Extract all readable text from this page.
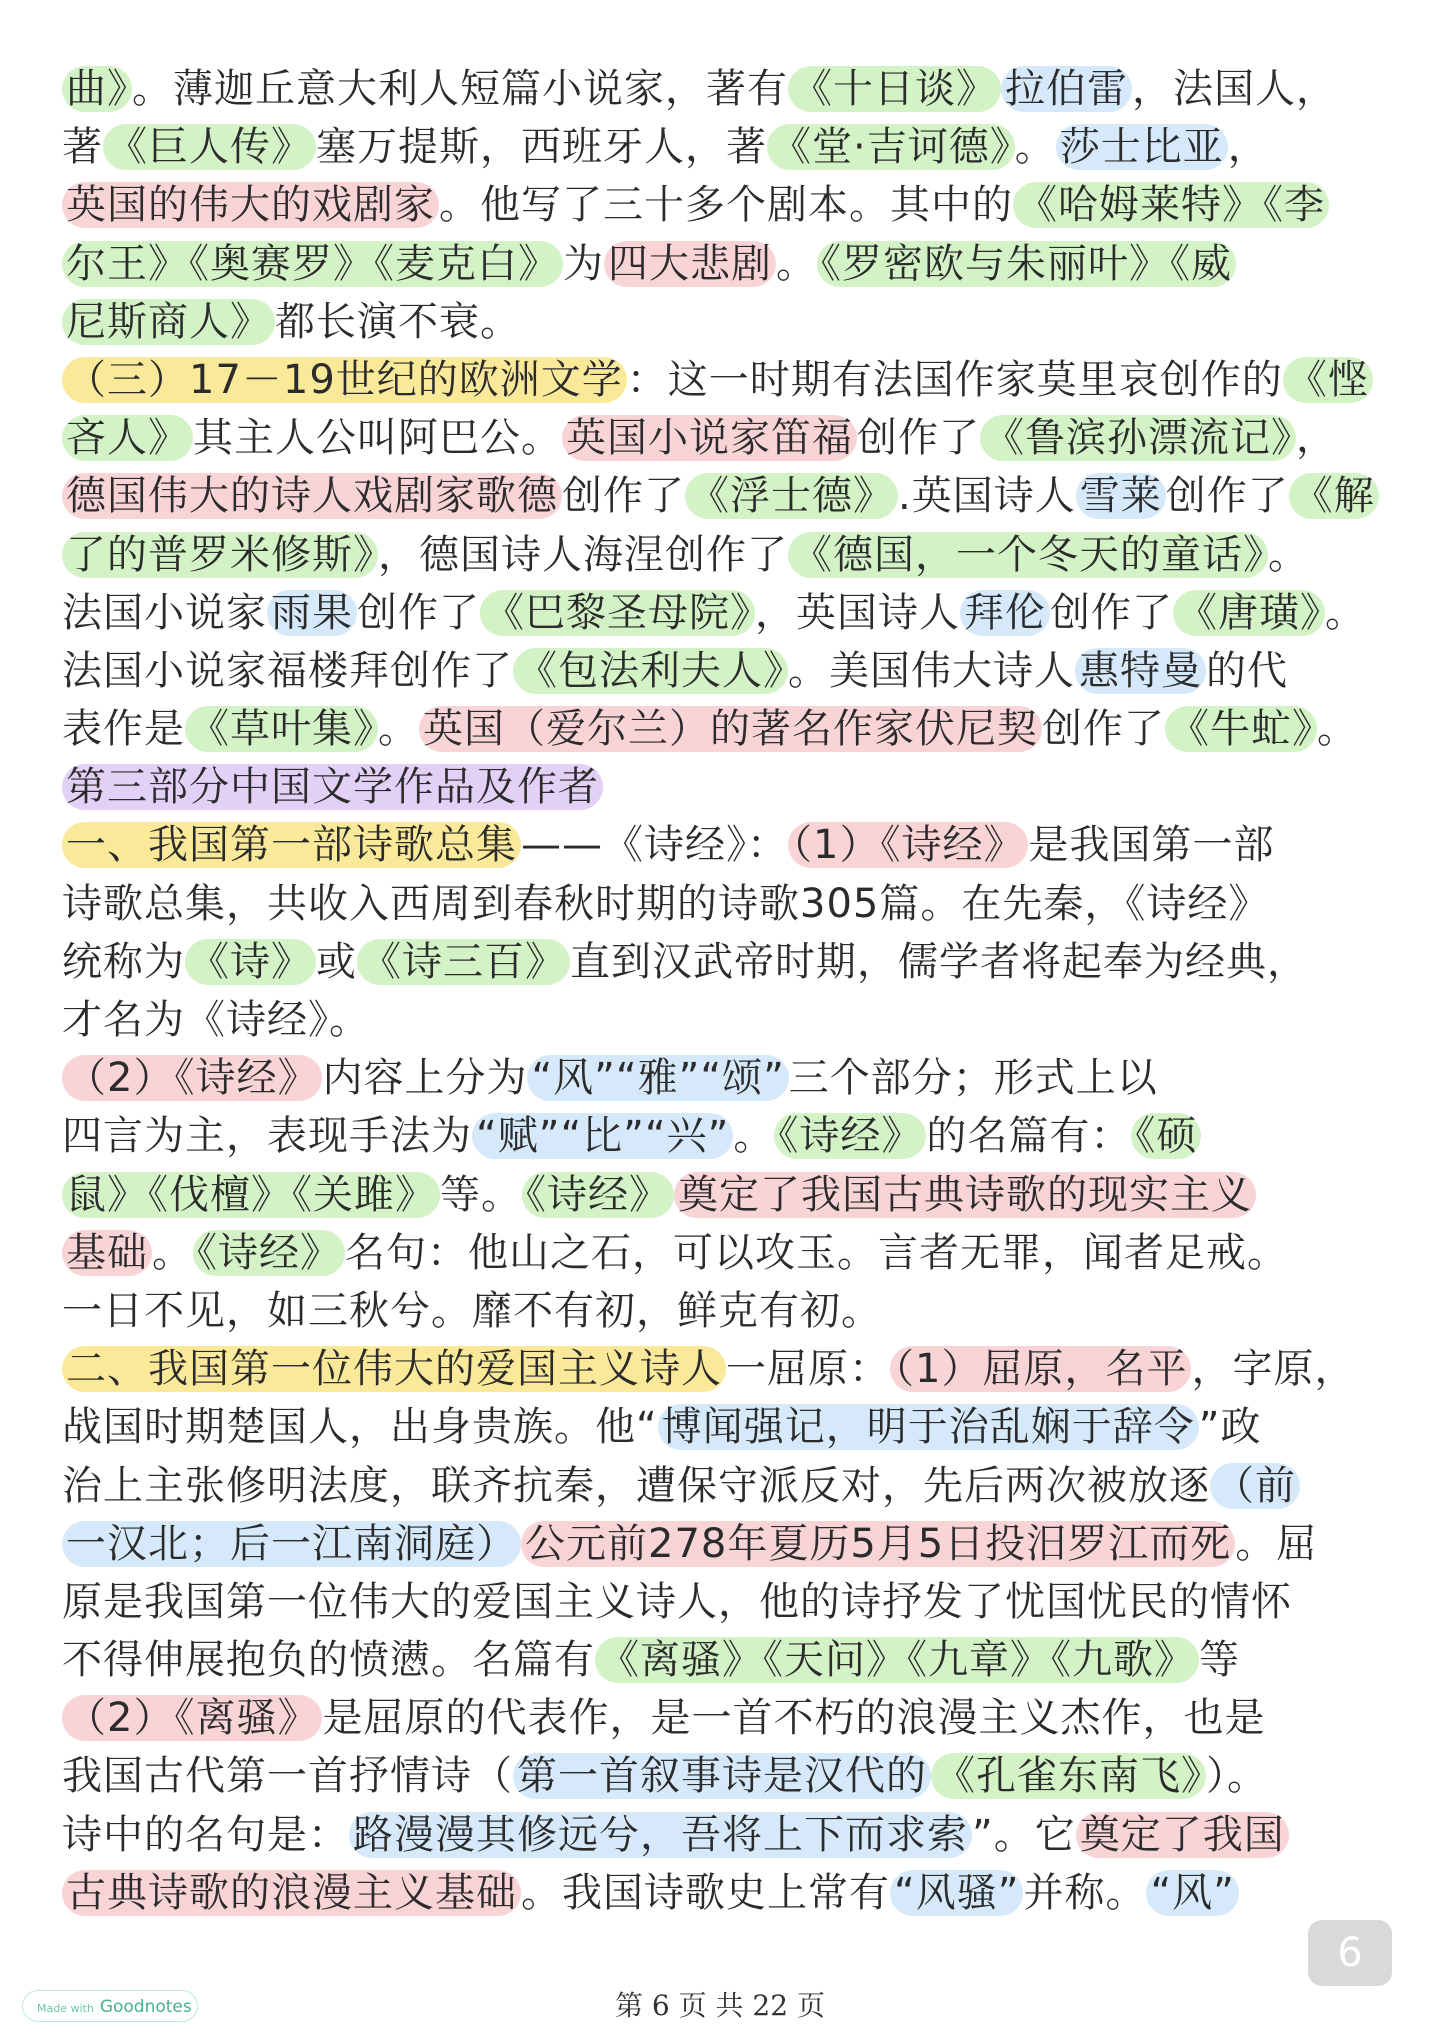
曲》 。薄迦丘意大利人短篇小说家，著有 《十日谈》 拉伯雷 ，法国人，
著 《巨人传》 塞万提斯，西班牙人，著 《堂·吉诃德》 。 莎士比亚 ，
英国的伟大的戏剧家 。他写了三十多个剧本。其中的 《哈姆莱特》《李
尔王》《奥赛罗》《麦克白》 为 四大悲剧 。 《罗密欧与朱丽叶》《威
尼斯商人》 都长演不衰。
（三）17－19世纪的欧洲文学 ：这一时期有法国作家莫里哀创作的 《悭
吝人》 其主人公叫阿巴公。 英国小说家笛福 创作了 《鲁滨孙漂流记》 ，
德国伟大的诗人戏剧家歌德 创作了 《浮士德》 .英国诗人 雪莱 创作了 《解
了的普罗米修斯》 ，德国诗人海涅创作了 《德国，一个冬天的童话》 。
法国小说家 雨果 创作了 《巴黎圣母院》 ，英国诗人 拜伦 创作了 《唐璜》 。
法国小说家福楼拜创作了 《包法利夫人》 。美国伟大诗人 惠特曼 的代
表作是 《草叶集》 。 英国（爱尔兰）的著名作家伏尼契 创作了 《牛虻》 。
第三部分中国文学作品及作者
一、我国第一部诗歌总集 ——《诗经》： （1）《诗经》 是我国第一部
诗歌总集，共收入西周到春秋时期的诗歌305篇。在先秦，《诗经》
统称为 《诗》 或 《诗三百》 直到汉武帝时期，儒学者将起奉为经典，
才名为《诗经》。
（2）《诗经》 内容上分为 “风”“雅”“颂” 三个部分；形式上以
四言为主，表现手法为 “赋”“比”“兴” 。 《诗经》 的名篇有： 《硕
鼠》《伐檀》《关雎》 等。 《诗经》 奠定了我国古典诗歌的现实主义
基础 。 《诗经》 名句：他山之石，可以攻玉。言者无罪，闻者足戒。
一日不见，如三秋兮。靡不有初，鲜克有初。
二、我国第一位伟大的爱国主义诗人 一屈原： （1）屈原，名平 ，字原，
战国时期楚国人，出身贵族。他“ 博闻强记，明于治乱娴于辞令 ”政
治上主张修明法度，联齐抗秦，遭保守派反对，先后两次被放逐 （前
一汉北；后一江南洞庭） 公元前278年夏历5月5日投汨罗江而死 。屈
原是我国第一位伟大的爱国主义诗人，他的诗抒发了忧国忧民的情怀
不得伸展抱负的愤懑。名篇有 《离骚》《天问》《九章》《九歌》 等
（2）《离骚》 是屈原的代表作，是一首不朽的浪漫主义杰作，也是
我国古代第一首抒情诗（ 第一首叙事诗是汉代的 《孔雀东南飞》 ）。
诗中的名句是： 路漫漫其修远兮，吾将上下而求索 ”。它 奠定了我国
古典诗歌的浪漫主义基础 。我国诗歌史上常有 “风骚” 并称。 “风”
6
第 6 页 共 22 页
Made with Goodnotes
